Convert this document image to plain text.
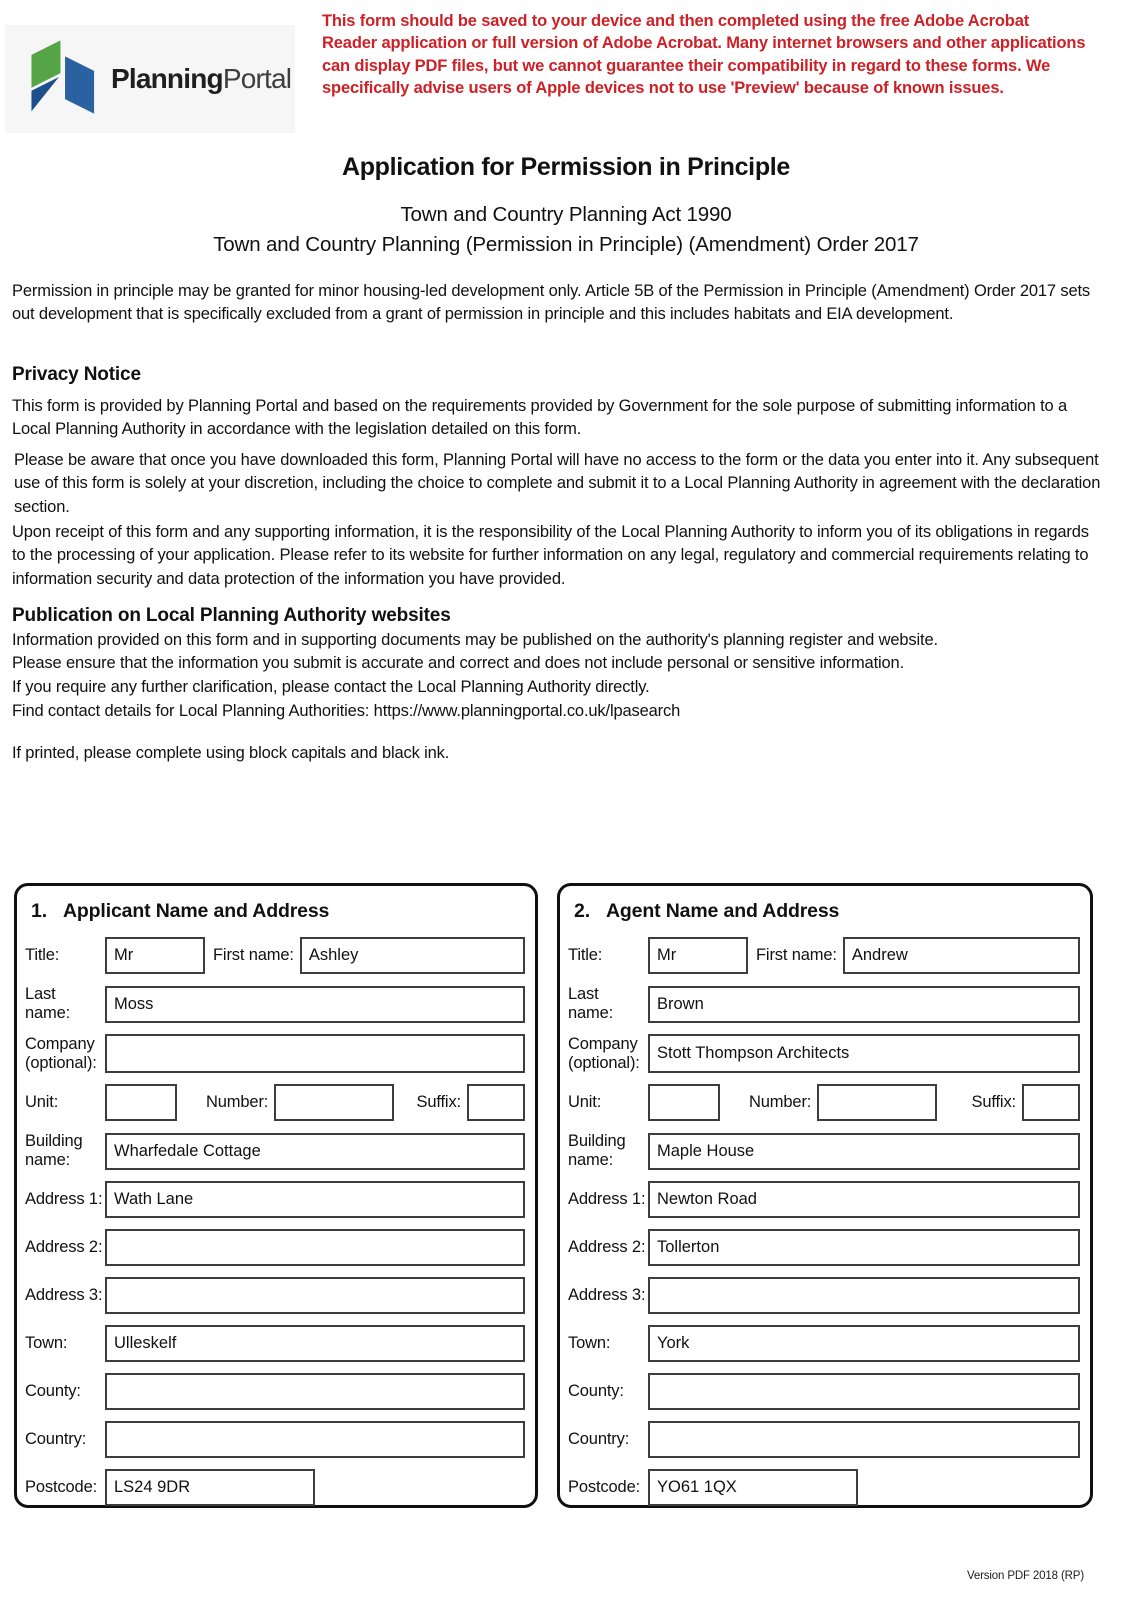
PlanningPortal
This form should be saved to your device and then completed using the free Adobe Acrobat Reader application or full version of Adobe Acrobat. Many internet browsers and other applications can display PDF files, but we cannot guarantee their compatibility in regard to these forms. We specifically advise users of Apple devices not to use 'Preview' because of known issues.
Application for Permission in Principle
Town and Country Planning Act 1990
Town and Country Planning (Permission in Principle) (Amendment) Order 2017
Permission in principle may be granted for minor housing-led development only. Article 5B of the Permission in Principle (Amendment) Order 2017 sets out development that is specifically excluded from a grant of permission in principle and this includes habitats and EIA development.
Privacy Notice
This form is provided by Planning Portal and based on the requirements provided by Government for the sole purpose of submitting information to a Local Planning Authority in accordance with the legislation detailed on this form.
Please be aware that once you have downloaded this form, Planning Portal will have no access to the form or the data you enter into it. Any subsequent use of this form is solely at your discretion, including the choice to complete and submit it to a Local Planning Authority in agreement with the declaration section.
Upon receipt of this form and any supporting information, it is the responsibility of the Local Planning Authority to inform you of its obligations in regards to the processing of your application. Please refer to its website for further information on any legal, regulatory and commercial requirements relating to information security and data protection of the information you have provided.
Publication on Local Planning Authority websites
Information provided on this form and in supporting documents may be published on the authority's planning register and website.
Please ensure that the information you submit is accurate and correct and does not include personal or sensitive information.
If you require any further clarification, please contact the Local Planning Authority directly.
Find contact details for Local Planning Authorities: https://www.planningportal.co.uk/lpasearch
If printed, please complete using block capitals and black ink.
1. Applicant Name and Address
Title:
Mr	First name:
Ashley
Last name:
Moss
Company (optional):
Unit:	Number:	Suffix:
Building name:
Wharfedale Cottage
Address 1:
Wath Lane
Address 2:
Address 3:
Town:
Ulleskelf
County:
Country:
Postcode:
LS24 9DR
2. Agent Name and Address
Title:
Mr	First name:
Andrew
Last name:
Brown
Company (optional):
Stott Thompson Architects
Unit:	Number:	Suffix:
Building name:
Maple House
Address 1:
Newton Road
Address 2:
Tollerton
Address 3:
Town:
York
County:
Country:
Postcode:
YO61 1QX
Version PDF 2018 (RP)
